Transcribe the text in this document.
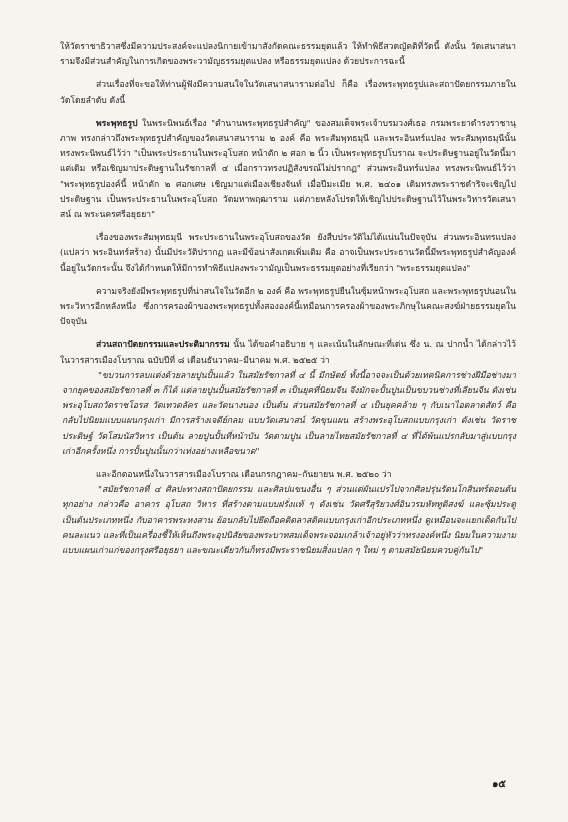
ให้วัดราชาธิวาสซึ่งมีความประสงค์จะแปลงนิกายเข้ามาสังกัดคณะธรรมยุตแล้ว ให้ทำพิธีสวดญัตติที่วัดนี้ ดังนั้น วัดเสนาสนารามจึงมีส่วนสำคัญในการเกิดของพระวามัญธรรมยุตแปลง หรือธรรมยุตแปลง ด้วยประการฉะนี้

ส่วนเรื่องที่จะขอให้ท่านผู้ฟังมีความสนใจในวัดเสนาสนารามต่อไป ก็คือ เรื่องพระพุทธรูปและสถาปัตยกรรมภายในวัดโดยลำดับ ดังนี้

พระพุทธรูป ในพระนิพนธ์เรื่อง "ตำนานพระพุทธรูปสำคัญ" ของสมเด็จพระเจ้าบรมวงศ์เธอ กรมพระยาดำรงราชานุภาพ ทรงกล่าวถึงพระพุทธรูปสำคัญของวัดเสนาสนาราม ๒ องค์ คือ พระสัมพุทธมุนี และพระอินทร์แปลง พระสัมพุทธมุนีนั้นทรงพระนิพนธ์ไว้ว่า "เป็นพระประธานในพระอุโบสถ หน้าตัก ๒ ศอก ๒ นิ้ว เป็นพระพุทธรูปโบราณ จะประดิษฐานอยู่ในวัดนี้มาแต่เดิม หรือเชิญมาประดิษฐานในรัชกาลที่ ๔ เมื่อกราวทรงปฏิสังขรณ์ไม่ปรากฏ" ส่วนพระอินทร์แปลง ทรงพระนิพนธ์ไว้ว่า "พระพุทธรูปองค์นี้ หน้าตัก ๒ ศอกเศษ เชิญมาแต่เมืองเชียงจันท์ เมื่อปีมะเมีย พ.ศ. ๒๔๐๑ เดิมทรงพระราชดำริจะเชิญไปประดิษฐาน เป็นพระประธานในพระอุโบสถ วัดมหาพฤฒาราม แต่ภายหลังโปรดให้เชิญไปประดิษฐานไว้ในพระวิหารวัดเสนาสน์ ณ พระนครศรีอยุธยา"

เรื่องของพระสัมพุทธมุนี พระประธานในพระอุโบสถของวัด ยังสืบประวัติไม่ได้แน่นในปัจจุบัน ส่วนพระอินทรแปลง (แปลว่า พระอินทร์สร้าง) นั้นมีประวัติปรากฏ และมีข้อน่าสังเกตเพิ่มเติม คือ อาจเป็นพระประธานวัดนี้มีพระพุทธรูปสำคัญองค์นี้อยู่ในวัดกระนั้น จึงได้กำหนดให้มีการทำพิธีแปลงพระวามัญเป็นพระธรรมยุตอย่างที่เรียกว่า "พระธรรมยุตแปลง"

ความจริงยังมีพระพุทธรูปที่น่าสนใจในวัดอีก ๒ องค์ คือ พระพุทธรูปยืนในซุ้มหน้าพระอุโบสถ และพระพุทธรูปนอนในพระวิหารอีกหลังหนึ่ง ซึ่งการครองผ้าของพระพุทธรูปทั้งสององค์นี้เหมือนการครองผ้าของพระภิกษุในคณะสงฆ์ฝ่ายธรรมยุตในปัจจุบัน

ส่วนสถาปัตยกรรมและประติมากรรม นั้น ได้ขอคำอธิบาย ๆ และเน้นในลักษณะที่เด่น ซึ่ง น. ณ ปากน้ำ ได้กล่าวไว้ในวารสารเมืองโบราณ ฉบับปีที่ ๘ เดือนธันวาคม–มีนาคม พ.ศ. ๒๕๒๕ ว่า

"ขบวนการลบแต่งด้วยลายปูนปั้นแล้ว ในสมัยรัชกาลที่ ๔ นี้ มีกษัตย์ ทั้งนี้อาจจะเป็นด้วยเทคนิคการช่างฝีมือช่างมาจากยุคของสมัยรัชกาลที่ ๓ ก็ได้ แต่ลายปูนปั้นสมัยรัชกาลที่ ๓ เป็นยุคที่นิยมจีน จึงมักจะปั้นปูนเป็นขบวนช่างที่เลียนจีน ดังเช่นพระอุโบสถวัดราชโอรส วัดเทวดลัคร และวัดนางนอง เป็นต้น ส่วนสมัยรัชกาลที่ ๔ เป็นยุคคล้าย ๆ กับเนาไอตลาดสัตว์ คือ กลับไปนิยมแบบแผนกรุงเก่า มีการสร้างเจดีย์กลม แบบวัดเสนาสน์ วัดขุนแผน สร้างพระอุโบสถแบบกรุงเก่า ดังเช่น วัดราชประดิษฐ์ วัดโสมนัสวิหาร เป็นต้น ลายปูนปั้นที่หน้าบัน วัดตามปูน เป็นลายไทยสมัยรัชกาลที่ ๔ ที่ได้พ้นแปรกลับมาสู่แบบกรุงเก่าอีกครั้งหนึ่ง การปั้นปูนนั้นกว่าเท่งอย่างเหลือขนาด"

และอีกตอนหนึ่งในวารสารเมืองโบราณ เดือนกรกฎาคม–กันยายน พ.ศ. ๒๕๒๐ ว่า

"สมัยรัชกาลที่ ๔ ศิลปะทางสถาปัตยกรรม และศิลปแขนงอื่น ๆ ส่วนแต่ผันแปรไปจากศิลปรุ่นรัตนโกสินทร์ตอนต้นทุกอย่าง กล่าวคือ อาคาร อุโบสถ วิหาร ที่สร้างตามแบบฝรั่งแท้ ๆ ดังเช่น วัดศรีสุริยวงศ์อินวรมหัททูติสงฆ์ และซุ้มประตู เป็นต้นประเภทหนึ่ง กับอาคารพระหงสาน ย้อนกลับไปยึดถือคติดลาสติคแบบกรุงเก่าอีกประเภทหนึ่ง ดูเหมือนจะแยกเด็ดกันไปคนละแนว และที่เป็นเครื่องชี้ให้เห็นถึงพระอุปนิสัยของพระบาทสมเด็จพระจอมเกล้าเจ้าอยู่หัวว่าทรงองค์หนึ่ง นิยมในความงามแบบแผนเก่าแก่ของกรุงศรีอยุธยา และขณะเดียวกันก็ทรงมีพระราชนิยมสิ่งแปลก ๆ ใหม่ ๆ ตามสมัยนิยมควบคู่กันไป"

๑๕
